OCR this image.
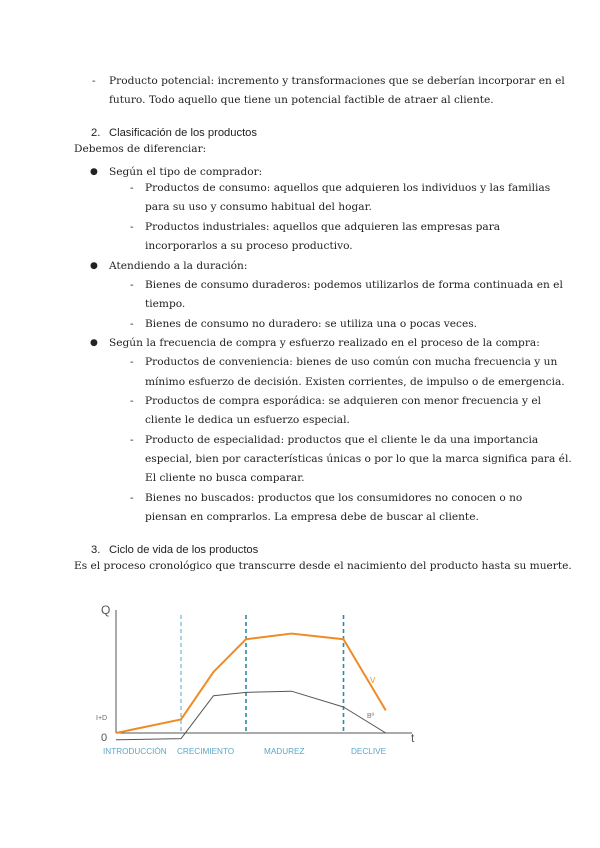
- Producto potencial: incremento y transformaciones que se deberían incorporar en el
futuro. Todo aquello que tiene un potencial factible de atraer al cliente.
2. Clasificación de los productos
Debemos de diferenciar:
● Según el tipo de comprador:
- Productos de consumo: aquellos que adquieren los individuos y las familias
para su uso y consumo habitual del hogar.
- Productos industriales: aquellos que adquieren las empresas para
incorporarlos a su proceso productivo.
● Atendiendo a la duración:
- Bienes de consumo duraderos: podemos utilizarlos de forma continuada en el
tiempo.
- Bienes de consumo no duradero: se utiliza una o pocas veces.
● Según la frecuencia de compra y esfuerzo realizado en el proceso de la compra:
- Productos de conveniencia: bienes de uso común con mucha frecuencia y un
mínimo esfuerzo de decisión. Existen corrientes, de impulso o de emergencia.
- Productos de compra esporádica: se adquieren con menor frecuencia y el
cliente le dedica un esfuerzo especial.
- Producto de especialidad: productos que el cliente le da una importancia
especial, bien por características únicas o por lo que la marca significa para él.
El cliente no busca comparar.
- Bienes no buscados: productos que los consumidores no conocen o no
piensan en comprarlos. La empresa debe de buscar al cliente.
3. Ciclo de vida de los productos
Es el proceso cronológico que transcurre desde el nacimiento del producto hasta su muerte.
Q
t
0
I+D
V
Bº
INTRODUCCIÓN CRECIMIENTO	MADUREZ	DECLIVE
